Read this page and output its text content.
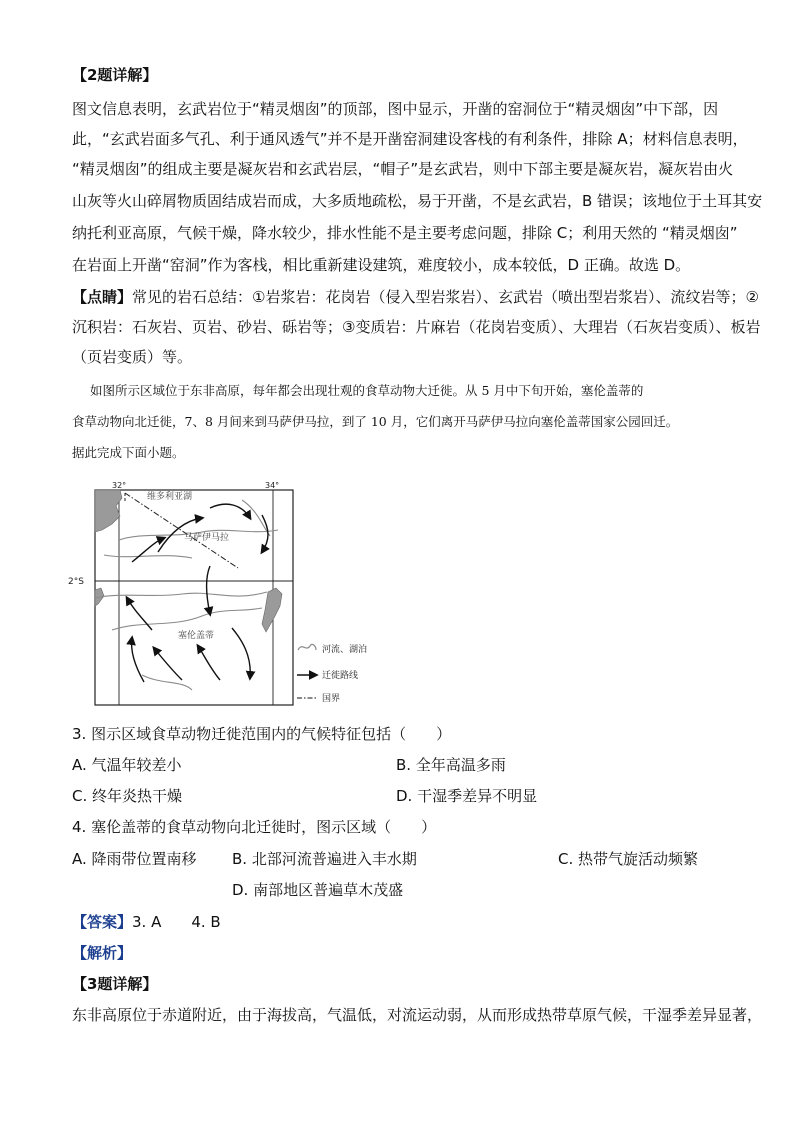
【2题详解】
图文信息表明，玄武岩位于“精灵烟囱”的顶部，图中显示，开凿的窑洞位于“精灵烟囱”中下部，因
此，“玄武岩面多气孔、利于通风透气”并不是开凿窑洞建设客栈的有利条件，排除 A；材料信息表明，
“精灵烟囱”的组成主要是凝灰岩和玄武岩层，“帽子”是玄武岩，则中下部主要是凝灰岩，凝灰岩由火
山灰等火山碎屑物质固结成岩而成，大多质地疏松，易于开凿，不是玄武岩，B 错误；该地位于土耳其安
纳托利亚高原，气候干燥，降水较少，排水性能不是主要考虑问题，排除 C；利用天然的 “精灵烟囱”
在岩面上开凿“窑洞”作为客栈，相比重新建设建筑，难度较小，成本较低，D 正确。故选 D。
【点睛】常见的岩石总结：①岩浆岩：花岗岩（侵入型岩浆岩）、玄武岩（喷出型岩浆岩）、流纹岩等；②
沉积岩：石灰岩、页岩、砂岩、砾岩等；③变质岩：片麻岩（花岗岩变质）、大理岩（石灰岩变质）、板岩
（页岩变质）等。
如图所示区域位于东非高原，每年都会出现壮观的食草动物大迁徙。从 5 月中下旬开始，塞伦盖蒂的
食草动物向北迁徙，7、8 月间来到马萨伊马拉，到了 10 月，它们离开马萨伊马拉向塞伦盖蒂国家公园回迁。
据此完成下面小题。
32°	34°
2°S
维多利亚湖
马萨伊马拉
塞伦盖蒂
河流、湖泊
迁徙路线
国界
3. 图示区域食草动物迁徙范围内的气候特征包括（　　）
A. 气温年较差小	B. 全年高温多雨
C. 终年炎热干燥	D. 干湿季差异不明显
4. 塞伦盖蒂的食草动物向北迁徙时，图示区域（　　）
A. 降雨带位置南移 B. 北部河流普遍进入丰水期	C. 热带气旋活动频繁
D. 南部地区普遍草木茂盛
【答案】3. A　　4. B
【解析】
【3题详解】
东非高原位于赤道附近，由于海拔高，气温低，对流运动弱，从而形成热带草原气候，干湿季差异显著，
